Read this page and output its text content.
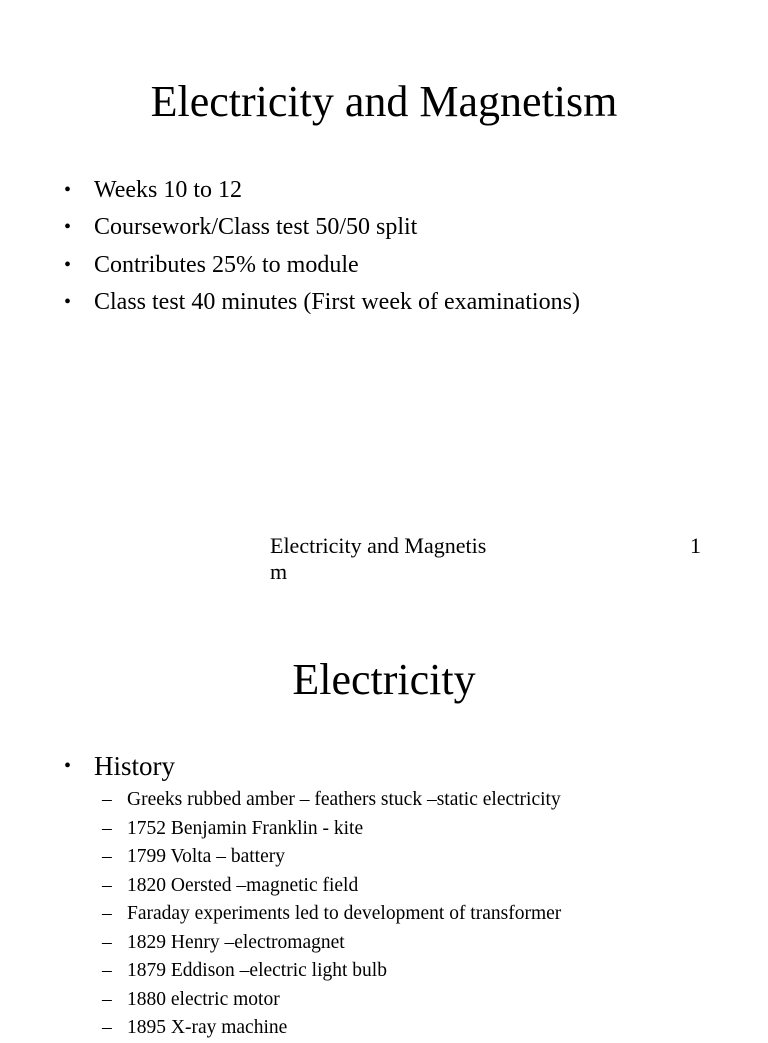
Electricity and Magnetism
• Weeks 10 to 12
• Coursework/Class test 50/50 split
• Contributes 25% to module
• Class test 40 minutes (First week of examinations)
Electricity and Magnetism
1
Electricity
• History
– Greeks rubbed amber – feathers stuck –static electricity
– 1752 Benjamin Franklin - kite
– 1799 Volta – battery
– 1820 Oersted –magnetic field
– Faraday experiments led to development of transformer
– 1829 Henry –electromagnet
– 1879 Eddison –electric light bulb
– 1880 electric motor
– 1895 X-ray machine
